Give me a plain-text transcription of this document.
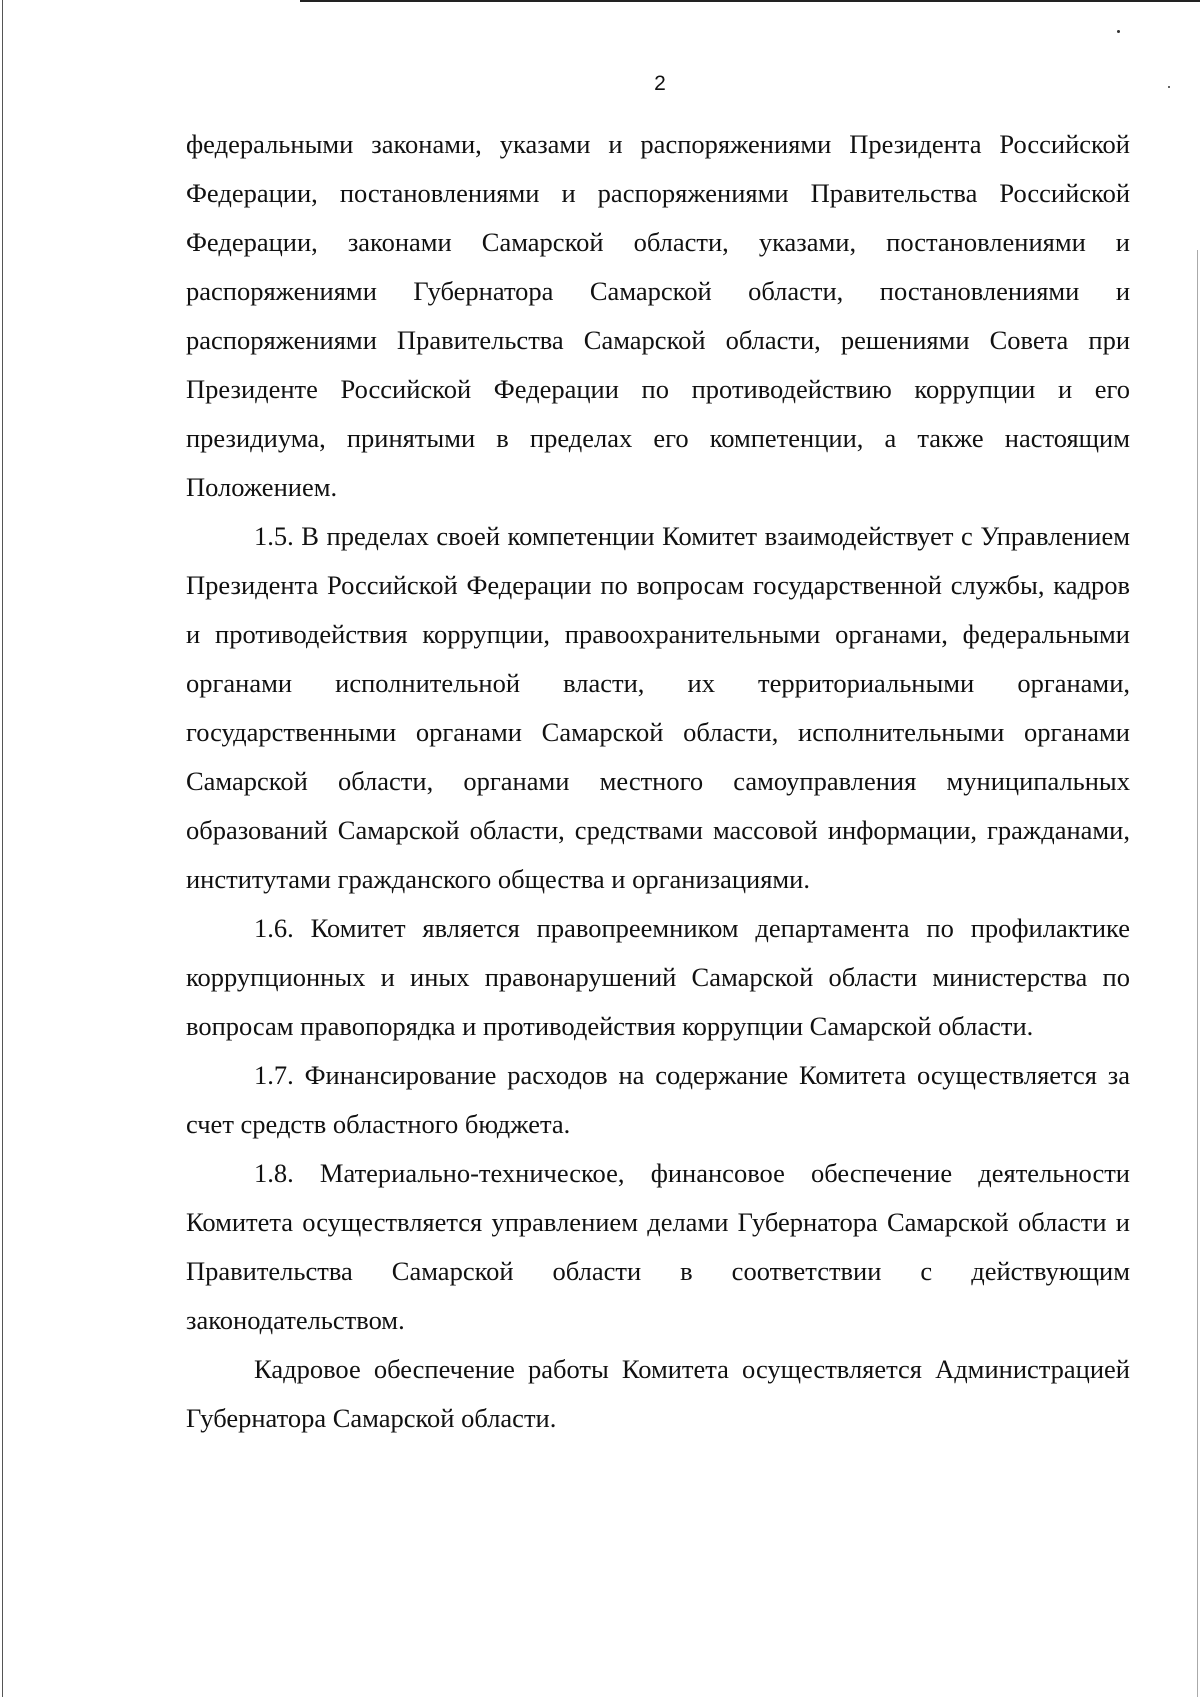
2

федеральными законами, указами и распоряжениями Президента Российской Федерации, постановлениями и распоряжениями Правительства Российской Федерации, законами Самарской области, указами, постановлениями и распоряжениями Губернатора Самарской области, постановлениями и распоряжениями Правительства Самарской области, решениями Совета при Президенте Российской Федерации по противодействию коррупции и его президиума, принятыми в пределах его компетенции, а также настоящим Положением.

1.5. В пределах своей компетенции Комитет взаимодействует с Управлением Президента Российской Федерации по вопросам государственной службы, кадров и противодействия коррупции, правоохранительными органами, федеральными органами исполнительной власти, их территориальными органами, государственными органами Самарской области, исполнительными органами Самарской области, органами местного самоуправления муниципальных образований Самарской области, средствами массовой информации, гражданами, институтами гражданского общества и организациями.

1.6. Комитет является правопреемником департамента по профилактике коррупционных и иных правонарушений Самарской области министерства по вопросам правопорядка и противодействия коррупции Самарской области.

1.7. Финансирование расходов на содержание Комитета осуществляется за счет средств областного бюджета.

1.8. Материально-техническое, финансовое обеспечение деятельности Комитета осуществляется управлением делами Губернатора Самарской области и Правительства Самарской области в соответствии с действующим законодательством.

Кадровое обеспечение работы Комитета осуществляется Администрацией Губернатора Самарской области.
